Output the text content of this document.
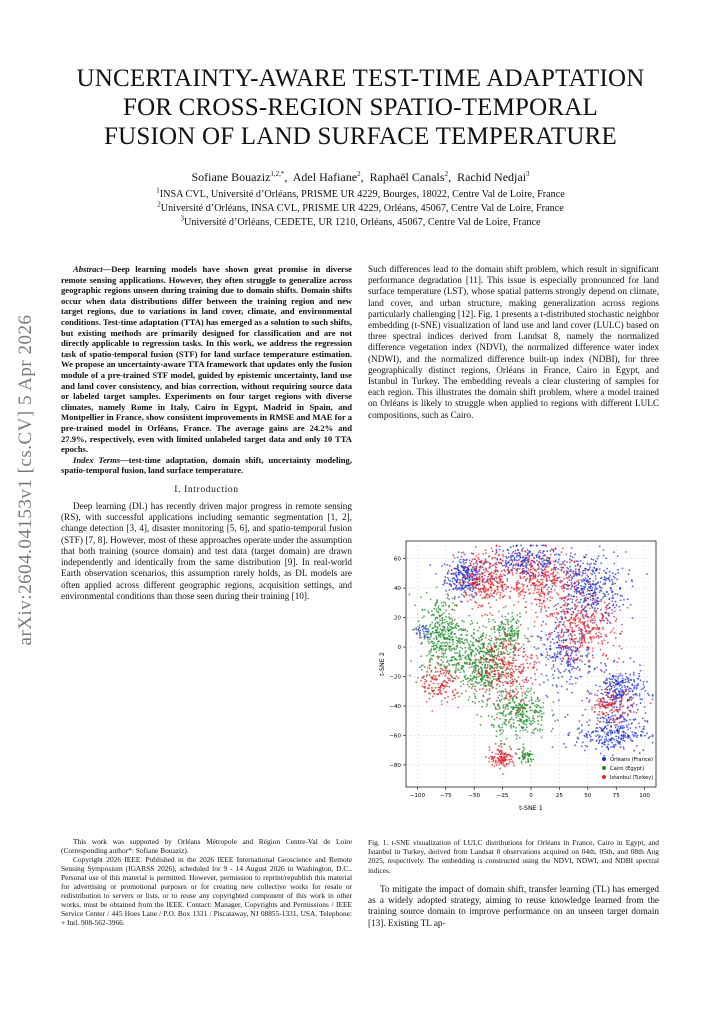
arXiv:2604.04153v1 [cs.CV] 5 Apr 2026
UNCERTAINTY-AWARE TEST-TIME ADAPTATION
FOR CROSS-REGION SPATIO-TEMPORAL
FUSION OF LAND SURFACE TEMPERATURE
Sofiane Bouaziz$^{1,2,*}$,  Adel Hafiane$^2$,  Raphaël Canals$^2$,  Rachid Nedjai$^3$
$^1$INSA CVL, Université d’Orléans, PRISME UR 4229, Bourges, 18022, Centre Val de Loire, France
$^2$Université d’Orléans, INSA CVL, PRISME UR 4229, Orléans, 45067, Centre Val de Loire, France
$^3$Université d’Orléans, CEDETE, UR 1210, Orléans, 45067, Centre Val de Loire, France

Abstract—Deep learning models have shown great promise in diverse remote sensing applications. However, they often struggle to generalize across geographic regions unseen during training due to domain shifts. Domain shifts occur when data distributions differ between the training region and new target regions, due to variations in land cover, climate, and environmental conditions. Test-time adaptation (TTA) has emerged as a solution to such shifts, but existing methods are primarily designed for classification and are not directly applicable to regression tasks. In this work, we address the regression task of spatio-temporal fusion (STF) for land surface temperature estimation. We propose an uncertainty-aware TTA framework that updates only the fusion module of a pre-trained STF model, guided by epistemic uncertainty, land use and land cover consistency, and bias correction, without requiring source data or labeled target samples. Experiments on four target regions with diverse climates, namely Rome in Italy, Cairo in Egypt, Madrid in Spain, and Montpellier in France, show consistent improvements in RMSE and MAE for a pre-trained model in Orléans, France. The average gains are 24.2% and 27.9%, respectively, even with limited unlabeled target data and only 10 TTA epochs.

Index Terms—test-time adaptation, domain shift, uncertainty modeling, spatio-temporal fusion, land surface temperature.

I. Introduction

Deep learning (DL) has recently driven major progress in remote sensing (RS), with successful applications including semantic segmentation [1, 2], change detection [3, 4], disaster monitoring [5, 6], and spatio-temporal fusion (STF) [7, 8]. However, most of these approaches operate under the assumption that both training (source domain) and test data (target domain) are drawn independently and identically from the same distribution [9]. In real-world Earth observation scenarios, this assumption rarely holds, as DL models are often applied across different geographic regions, acquisition settings, and environmental conditions than those seen during their training [10].

This work was supported by Orléans Métropole and Région Centre-Val de Loire (Corresponding author*: Sofiane Bouaziz).

Copyright 2026 IEEE. Published in the 2026 IEEE International Geoscience and Remote Sensing Symposium (IGARSS 2026), scheduled for 9 - 14 August 2026 in Washington, D.C.. Personal use of this material is permitted. However, permission to reprint/republish this material for advertising or promotional purposes or for creating new collective works for resale or redistribution to servers or lists, or to reuse any copyrighted component of this work in other works, must be obtained from the IEEE. Contact: Manager, Copyrights and Permissions / IEEE Service Center / 445 Hoes Lane / P.O. Box 1331 / Piscataway, NJ 08855-1331, USA. Telephone: + Intl. 908-562-3966.

Such differences lead to the domain shift problem, which result in significant performance degradation [11]. This issue is especially pronounced for land surface temperature (LST), whose spatial patterns strongly depend on climate, land cover, and urban structure, making generalization across regions particularly challenging [12]. Fig. 1 presents a t-distributed stochastic neighbor embedding (t-SNE) visualization of land use and land cover (LULC) based on three spectral indices derived from Landsat 8, namely the normalized difference vegetation index (NDVI), the normalized difference water index (NDWI), and the normalized difference built-up index (NDBI), for three geographically distinct regions, Orléans in France, Cairo in Egypt, and Istanbul in Turkey. The embedding reveals a clear clustering of samples for each region. This illustrates the domain shift problem, where a model trained on Orléans is likely to struggle when applied to regions with different LULC compositions, such as Cairo.

−100	−75	−50	−25	0	25	50	75	100
−80
−60
−40
−20
0
20
40
60
t-SNE 1
t-SNE 2
Orléans (France)
Cairo (Egypt)
Istanbul (Turkey)
Fig. 1. t-SNE visualization of LULC distributions for Orléans in France, Cairo in Egypt, and Istanbul in Turkey, derived from Landsat 8 observations acquired on 04th, 05th, and 08th Aug 2025, respectively. The embedding is constructed using the NDVI, NDWI, and NDBI spectral indices.

To mitigate the impact of domain shift, transfer learning (TL) has emerged as a widely adopted strategy, aiming to reuse knowledge learned from the training source domain to improve performance on an unseen target domain [13]. Existing TL ap-
